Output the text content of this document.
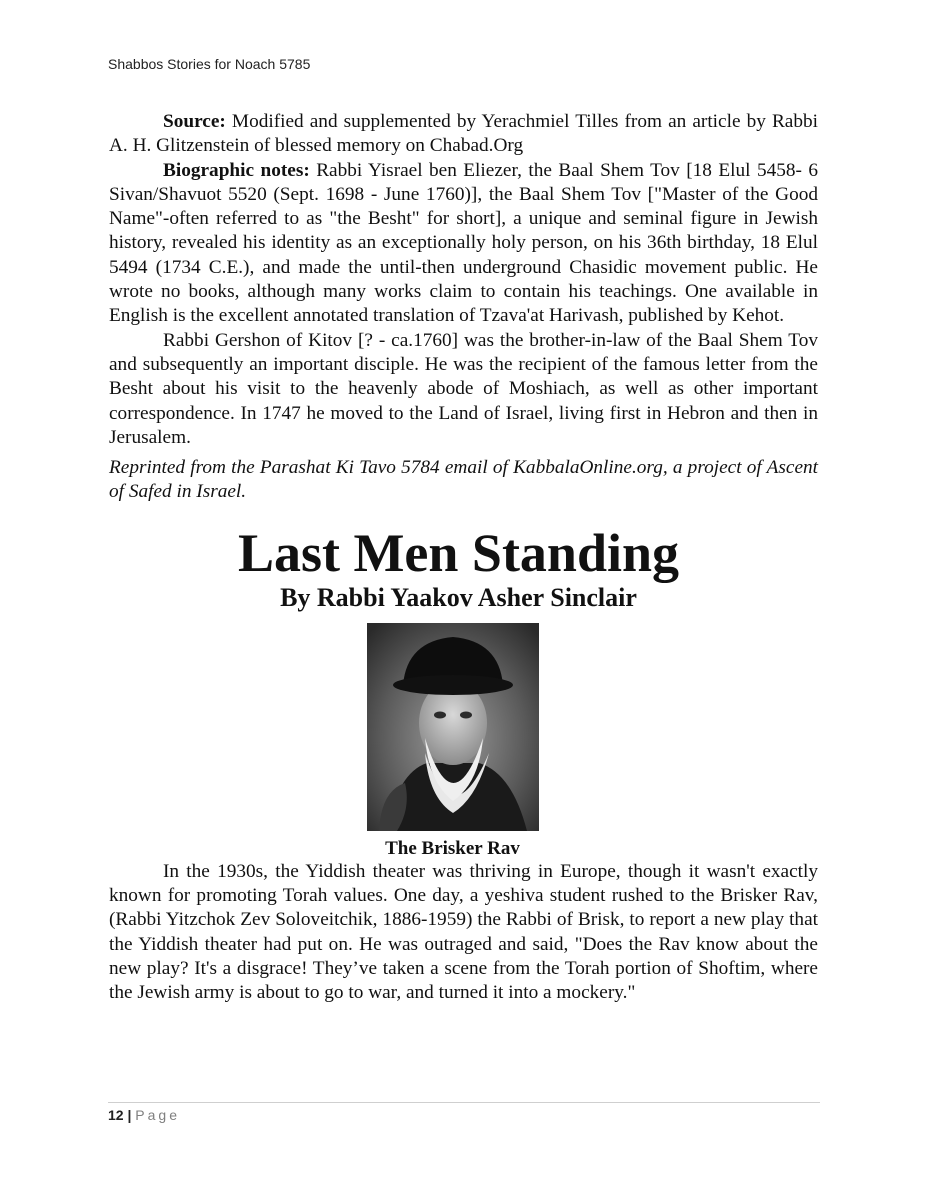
Shabbos Stories for Noach 5785

Source: Modified and supplemented by Yerachmiel Tilles from an article by Rabbi A. H. Glitzenstein of blessed memory on Chabad.Org

Biographic notes: Rabbi Yisrael ben Eliezer, the Baal Shem Tov [18 Elul 5458- 6 Sivan/Shavuot 5520 (Sept. 1698 - June 1760)], the Baal Shem Tov ["Master of the Good Name"-often referred to as "the Besht" for short], a unique and seminal figure in Jewish history, revealed his identity as an exceptionally holy person, on his 36th birthday, 18 Elul 5494 (1734 C.E.), and made the until-then underground Chasidic movement public. He wrote no books, although many works claim to contain his teachings. One available in English is the excellent annotated translation of Tzava'at Harivash, published by Kehot.

Rabbi Gershon of Kitov [? - ca.1760] was the brother-in-law of the Baal Shem Tov and subsequently an important disciple. He was the recipient of the famous letter from the Besht about his visit to the heavenly abode of Moshiach, as well as other important correspondence. In 1747 he moved to the Land of Israel, living first in Hebron and then in Jerusalem.

Reprinted from the Parashat Ki Tavo 5784 email of KabbalaOnline.org, a project of Ascent of Safed in Israel.

Last Men Standing
By Rabbi Yaakov Asher Sinclair
The Brisker Rav

In the 1930s, the Yiddish theater was thriving in Europe, though it wasn't exactly known for promoting Torah values. One day, a yeshiva student rushed to the Brisker Rav, (Rabbi Yitzchok Zev Soloveitchik, 1886-1959) the Rabbi of Brisk, to report a new play that the Yiddish theater had put on. He was outraged and said, "Does the Rav know about the new play? It's a disgrace! They’ve taken a scene from the Torah portion of Shoftim, where the Jewish army is about to go to war, and turned it into a mockery."

12 | Page
